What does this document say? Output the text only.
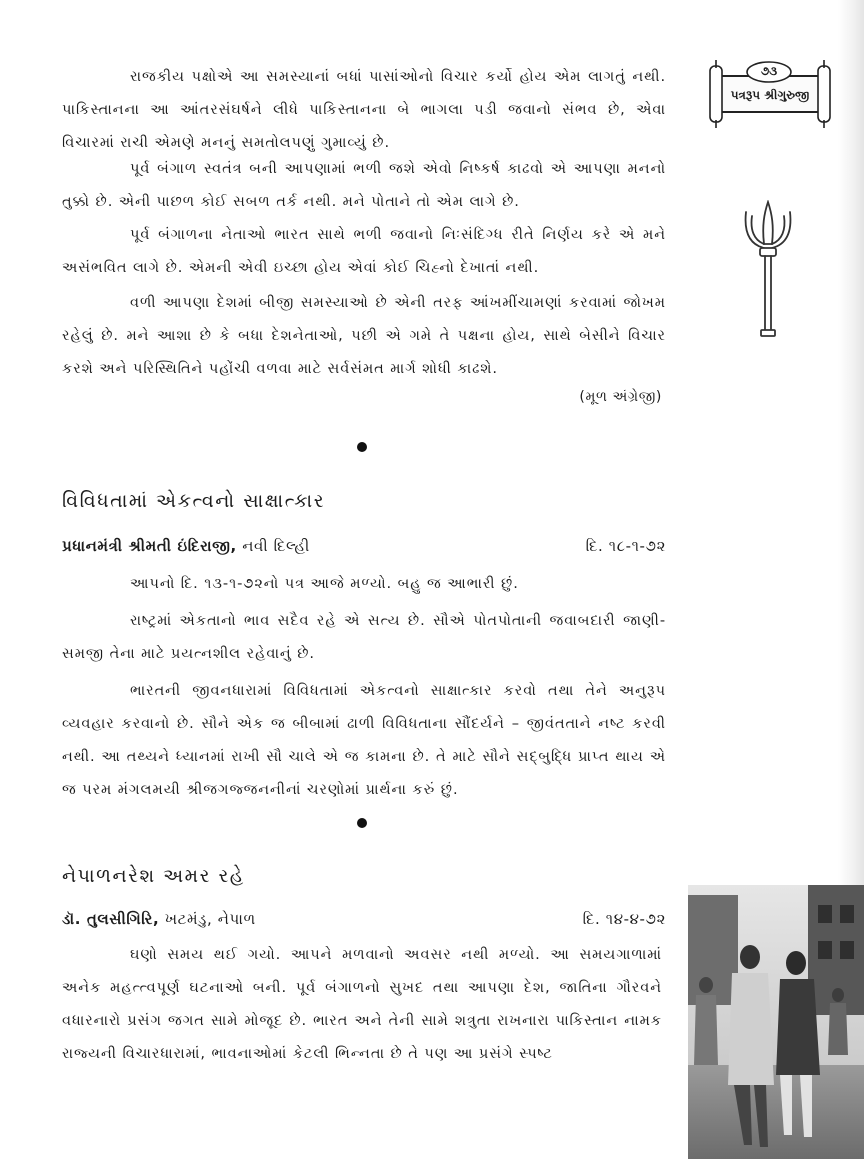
૭૩
પત્રરૂપ શ્રીગુરુજી

રાજકીય પક્ષોએ આ સમસ્યાનાં બધાં પાસાંઓનો વિચાર કર્યો હોય એમ લાગતું નથી. પાકિસ્તાનના આ આંતરસંઘર્ષને લીધે પાકિસ્તાનના બે ભાગલા પડી જવાનો સંભવ છે, એવા વિચારમાં રાચી એમણે મનનું સમતોલપણું ગુમાવ્યું છે.

પૂર્વ બંગાળ સ્વતંત્ર બની આપણામાં ભળી જશે એવો નિષ્કર્ષ કાઢવો એ આપણા મનનો તુક્કો છે. એની પાછળ કોઈ સબળ તર્ક નથી. મને પોતાને તો એમ લાગે છે.

પૂર્વ બંગાળના નેતાઓ ભારત સાથે ભળી જવાનો નિઃસંદિગ્ધ રીતે નિર્ણય કરે એ મને અસંભવિત લાગે છે. એમની એવી ઇચ્છા હોય એવાં કોઈ ચિહ્નો દેખાતાં નથી.

વળી આપણા દેશમાં બીજી સમસ્યાઓ છે એની તરફ આંખમીંચામણાં કરવામાં જોખમ રહેલું છે. મને આશા છે કે બધા દેશનેતાઓ, પછી એ ગમે તે પક્ષના હોય, સાથે બેસીને વિચાર કરશે અને પરિસ્થિતિને પહોંચી વળવા માટે સર્વસંમત માર્ગ શોધી કાઢશે.

(મૂળ અંગ્રેજી)
વિવિધતામાં એકત્વનો સાક્ષાત્કાર
પ્રધાનમંત્રી શ્રીમતી ઇંદિરાજી, નવી દિલ્હી	દિ. ૧૮-૧-૭૨

આપનો દિ. ૧૩-૧-૭૨નો પત્ર આજે મળ્યો. બહુ જ આભારી છું.

રાષ્ટ્રમાં એકતાનો ભાવ સદૈવ રહે એ સત્ય છે. સૌએ પોતપોતાની જવાબદારી જાણી-સમજી તેના માટે પ્રયત્નશીલ રહેવાનું છે.

ભારતની જીવનધારામાં વિવિધતામાં એકત્વનો સાક્ષાત્કાર કરવો તથા તેને અનુરૂપ વ્યવહાર કરવાનો છે. સૌને એક જ બીબામાં ઢાળી વિવિધતાના સૌંદર્યને – જીવંતતાને નષ્ટ કરવી નથી. આ તથ્યને ધ્યાનમાં રાખી સૌ ચાલે એ જ કામના છે. તે માટે સૌને સદ્બુદ્ધિ પ્રાપ્ત થાય એ જ પરમ મંગલમયી શ્રીજગજ્જનનીનાં ચરણોમાં પ્રાર્થના કરું છું.

નેપાળનરેશ અમર રહે
ડૉ. તુલસીગિરિ, ખટમંડુ, નેપાળ	દિ. ૧૪-૪-૭૨

ઘણો સમય થઈ ગયો. આપને મળવાનો અવસર નથી મળ્યો. આ સમયગાળામાં અનેક મહત્ત્વપૂર્ણ ઘટનાઓ બની. પૂર્વ બંગાળનો સુખદ તથા આપણા દેશ, જાતિના ગૌરવને વધારનારો પ્રસંગ જગત સામે મોજૂદ છે. ભારત અને તેની સામે શત્રુતા રાખનારા પાકિસ્તાન નામક રાજ્યની વિચારધારામાં, ભાવનાઓમાં કેટલી ભિન્નતા છે તે પણ આ પ્રસંગે સ્પષ્ટ
